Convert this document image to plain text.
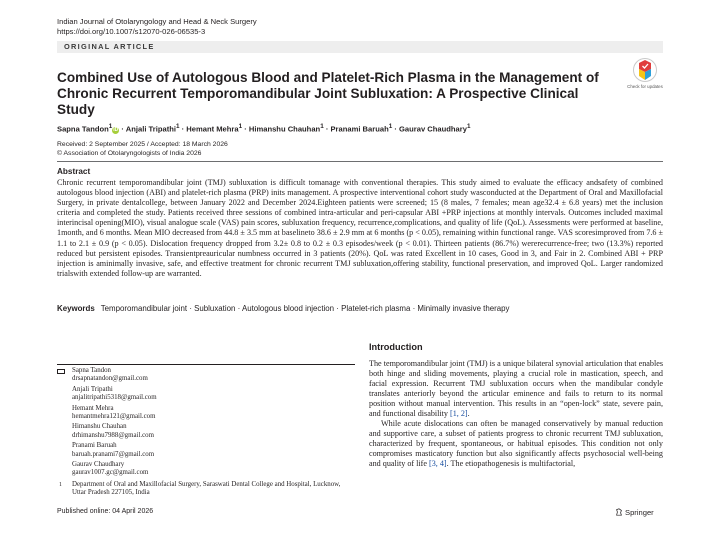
Indian Journal of Otolaryngology and Head & Neck Surgery
https://doi.org/10.1007/s12070-026-06535-3
ORIGINAL ARTICLE
Check for updates
Combined Use of Autologous Blood and Platelet-Rich Plasma in the Management of Chronic Recurrent Temporomandibular Joint Subluxation: A Prospective Clinical Study
Sapna Tandon$^1$iD · Anjali Tripathi$^1$ · Hemant Mehra$^1$ · Himanshu Chauhan$^1$ · Pranami Baruah$^1$ · Gaurav Chaudhary$^1$
Received: 2 September 2025 / Accepted: 18 March 2026
© Association of Otolaryngologists of India 2026
Abstract
Chronic recurrent temporomandibular joint (TMJ) subluxation is difficult tomanage with conventional therapies. This study aimed to evaluate the efficacy andsafety of combined autologous blood injection (ABI) and platelet-rich plasma (PRP) inits management. A prospective interventional cohort study wasconducted at the Department of Oral and Maxillofacial Surgery, in private dentalcollege, between January 2022 and December 2024.Eighteen patients were screened; 15 (8 males, 7 females; mean age32.4 ± 6.8 years) met the inclusion criteria and completed the study. Patients received three sessions of combined intra-articular and peri-capsular ABI +PRP injections at monthly intervals. Outcomes included maximal interincisal opening(MIO), visual analogue scale (VAS) pain scores, subluxation frequency, recurrence,complications, and quality of life (QoL). Assessments were performed at baseline, 1month, and 6 months. Mean MIO decreased from 44.8 ± 3.5 mm at baselineto 38.6 ± 2.9 mm at 6 months (p < 0.05), remaining within functional range. VAS scoresimproved from 7.6 ± 1.1 to 2.1 ± 0.9 (p < 0.05). Dislocation frequency dropped from 3.2± 0.8 to 0.2 ± 0.3 episodes/week (p < 0.01). Thirteen patients (86.7%) wererecurrence-free; two (13.3%) reported reduced but persistent episodes. Transientpreauricular numbness occurred in 3 patients (20%). QoL was rated Excellent in 10 cases, Good in 3, and Fair in 2. Combined ABI + PRP injection is aminimally invasive, safe, and effective treatment for chronic recurrent TMJ subluxation,offering stability, functional preservation, and improved QoL. Larger randomized trialswith extended follow-up are warranted.
Keywords Temporomandibular joint · Subluxation · Autologous blood injection · Platelet-rich plasma · Minimally invasive therapy
Sapna Tandon
drsapnatandon@gmail.com
Anjali Tripathi
anjalitripathi5318@gmail.com
Hemant Mehra
hemantmehra121@gmail.com
Himanshu Chauhan
drhimanshu7988@gmail.com
Pranami Baruah
baruah.pranami7@gmail.com
Gaurav Chaudhary
gaurav1007.gc@gmail.com
1 Department of Oral and Maxillofacial Surgery, Saraswati Dental College and Hospital, Lucknow, Uttar Pradesh 227105, India
Introduction

The temporomandibular joint (TMJ) is a unique bilateral synovial articulation that enables both hinge and sliding movements, playing a crucial role in mastication, speech, and facial expression. Recurrent TMJ subluxation occurs when the mandibular condyle translates anteriorly beyond the articular eminence and fails to return to its normal position without manual intervention. This results in an “open-lock” state, severe pain, and functional disability [1, 2].

While acute dislocations can often be managed conservatively by manual reduction and supportive care, a subset of patients progress to chronic recurrent TMJ subluxation, characterized by frequent, spontaneous, or habitual episodes. This condition not only compromises masticatory function but also significantly affects psychosocial well-being and quality of life [3, 4]. The etiopathogenesis is multifactorial,

Published online: 04 April 2026	Springer
